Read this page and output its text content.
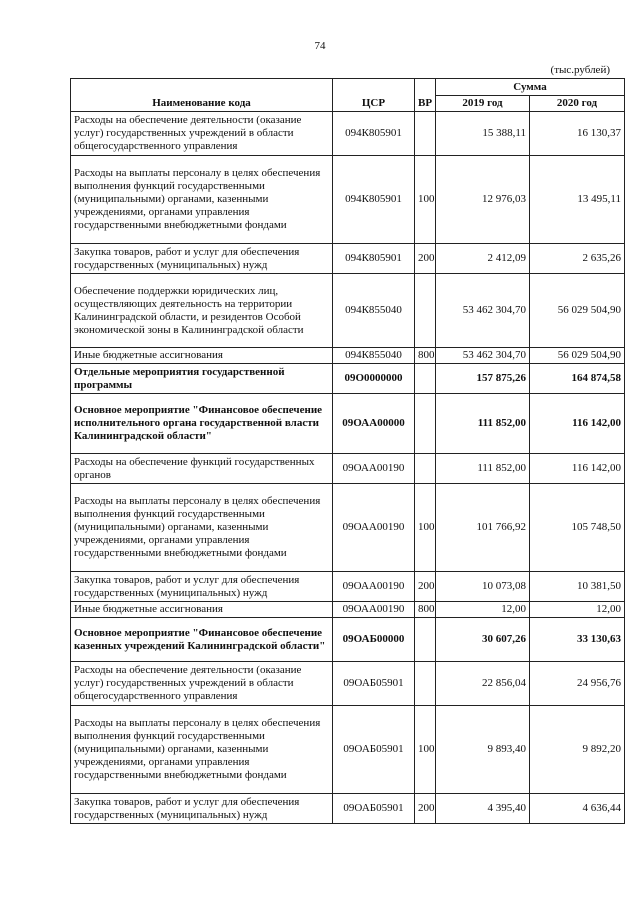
74
(тыс.рублей)
Наименование кода	ЦСР	ВР	Сумма	
			2019 год	2020 год
Расходы на обеспечение деятельности (оказание услуг) государственных учреждений в области общегосударственного управления	094К805901		15 388,11	16 130,37
Расходы на выплаты персоналу в целях обеспечения выполнения функций государственными (муниципальными) органами, казенными учреждениями, органами управления государственными внебюджетными фондами	094К805901	100	12 976,03	13 495,11
Закупка товаров, работ и услуг для обеспечения государственных (муниципальных) нужд	094К805901	200	2 412,09	2 635,26
Обеспечение поддержки юридических лиц, осуществляющих деятельность на территории Калининградской области, и резидентов Особой экономической зоны в Калининградской области	094К855040		53 462 304,70	56 029 504,90
Иные бюджетные ассигнования	094К855040	800	53 462 304,70	56 029 504,90
Отдельные мероприятия государственной программы	09О0000000		157 875,26	164 874,58
Основное мероприятие "Финансовое обеспечение исполнительного органа государственной власти Калининградской области"	09ОАА00000		111 852,00	116 142,00
Расходы на обеспечение функций государственных органов	09ОАА00190		111 852,00	116 142,00
Расходы на выплаты персоналу в целях обеспечения выполнения функций государственными (муниципальными) органами, казенными учреждениями, органами управления государственными внебюджетными фондами	09ОАА00190	100	101 766,92	105 748,50
Закупка товаров, работ и услуг для обеспечения государственных (муниципальных) нужд	09ОАА00190	200	10 073,08	10 381,50
Иные бюджетные ассигнования	09ОАА00190	800	12,00	12,00
Основное мероприятие "Финансовое обеспечение казенных учреждений Калининградской области"	09ОАБ00000		30 607,26	33 130,63
Расходы на обеспечение деятельности (оказание услуг) государственных учреждений в области общегосударственного управления	09ОАБ05901		22 856,04	24 956,76
Расходы на выплаты персоналу в целях обеспечения выполнения функций государственными (муниципальными) органами, казенными учреждениями, органами управления государственными внебюджетными фондами	09ОАБ05901	100	9 893,40	9 892,20
Закупка товаров, работ и услуг для обеспечения государственных (муниципальных) нужд	09ОАБ05901	200	4 395,40	4 636,44
